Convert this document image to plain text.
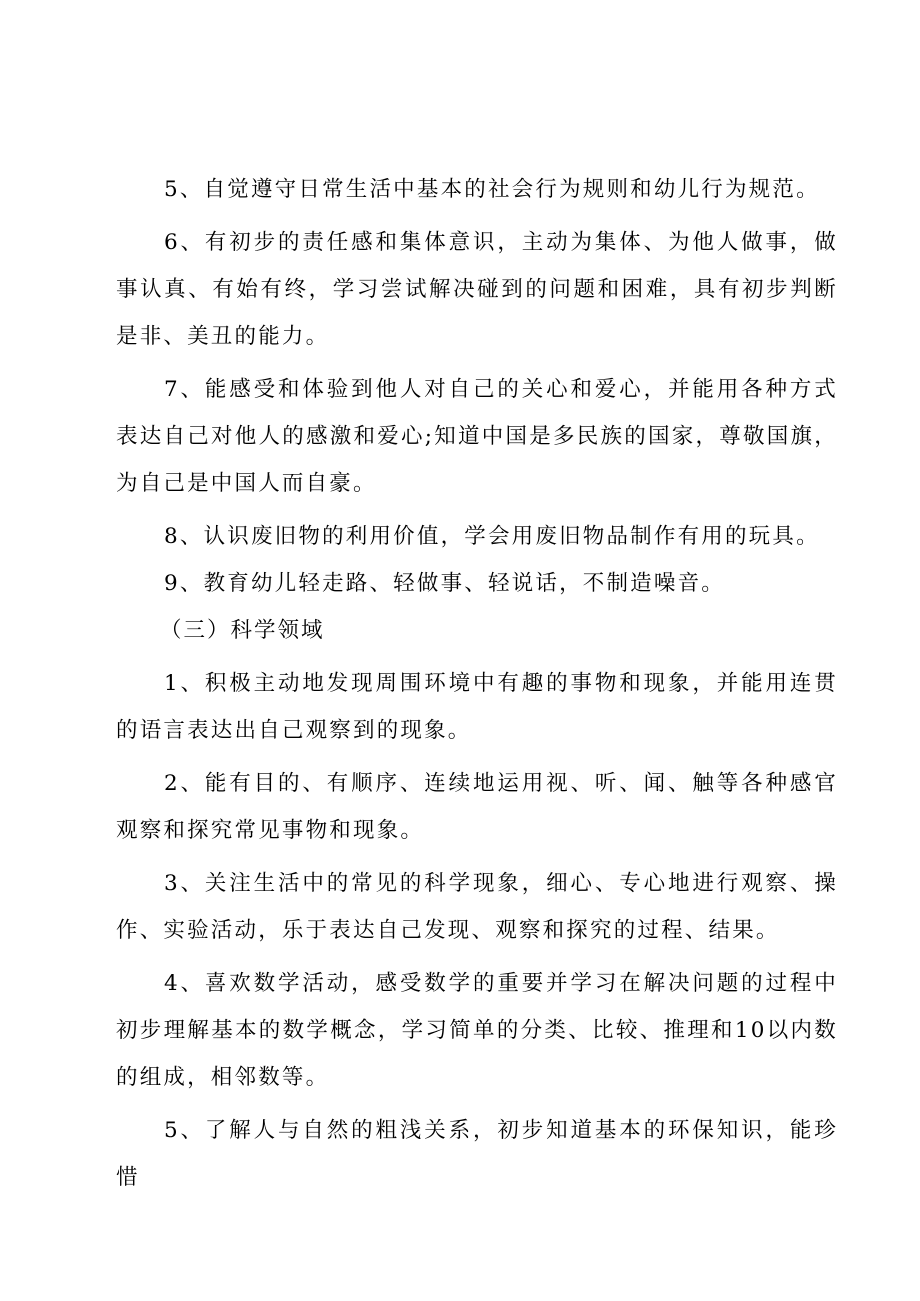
5、自觉遵守日常生活中基本的社会行为规则和幼儿行为规范。

6、有初步的责任感和集体意识，主动为集体、为他人做事，做事认真、有始有终，学习尝试解决碰到的问题和困难，具有初步判断是非、美丑的能力。

7、能感受和体验到他人对自己的关心和爱心，并能用各种方式表达自己对他人的感激和爱心;知道中国是多民族的国家，尊敬国旗，为自己是中国人而自豪。

8、认识废旧物的利用价值，学会用废旧物品制作有用的玩具。

9、教育幼儿轻走路、轻做事、轻说话，不制造噪音。

（三）科学领域

1、积极主动地发现周围环境中有趣的事物和现象，并能用连贯的语言表达出自己观察到的现象。

2、能有目的、有顺序、连续地运用视、听、闻、触等各种感官观察和探究常见事物和现象。

3、关注生活中的常见的科学现象，细心、专心地进行观察、操作、实验活动，乐于表达自己发现、观察和探究的过程、结果。

4、喜欢数学活动，感受数学的重要并学习在解决问题的过程中初步理解基本的数学概念，学习简单的分类、比较、推理和10以内数的组成，相邻数等。

5、了解人与自然的粗浅关系，初步知道基本的环保知识，能珍惜
